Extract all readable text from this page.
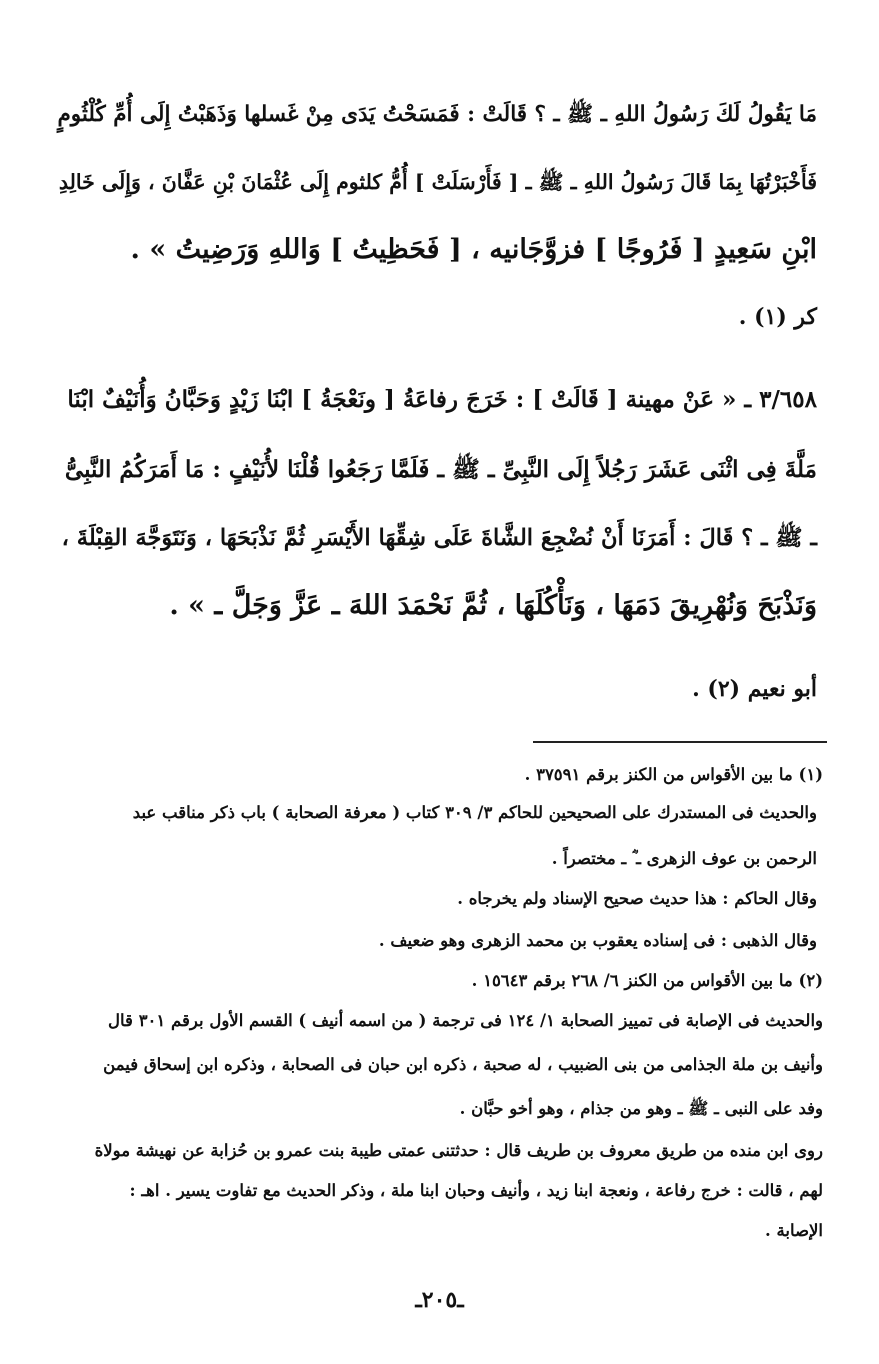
مَا يَقُولُ لَكَ رَسُولُ اللهِ ـ ﷺ ـ ؟ قَالَتْ : فَمَسَحْتُ يَدَى مِنْ غَسلها وَذَهَبْتُ إِلَى أُمِّ كُلْثُومٍ
فَأَخْبَرْتُهَا بِمَا قَالَ رَسُولُ اللهِ ـ ﷺ ـ [ فَأَرْسَلَتْ ] أُمُّ كلثوم إِلَى عُثْمَانَ بْنِ عَفَّانَ ، وَإِلَى خَالِدِ
ابْنِ سَعِيدٍ [ فَرُوجًا ] فزوَّجَانيه ، [ فَحَظِيتُ ] وَاللهِ وَرَضِيتُ » .
كر (١) .
٣/٦٥٨ ـ « عَنْ مهينة [ قَالَتْ ] : خَرَجَ رفاعَةُ [ ونَعْجَةُ ] ابْنَا زَيْدٍ وَحَبَّانُ وَأُنَيْفٌ ابْنَا
مَلَّةَ فِى اثْنَى عَشَرَ رَجُلاً إِلَى النَّبِىِّ ـ ﷺ ـ فَلَمَّا رَجَعُوا قُلْنَا لأُنَيْفٍ : مَا أَمَرَكُمُ النَّبِىُّ
ـ ﷺ ـ ؟ قَالَ : أَمَرَنَا أَنْ نُضْجِعَ الشَّاةَ عَلَى شِقِّهَا الأَيْسَرِ ثُمَّ نَذْبَحَهَا ، وَنَتَوَجَّهَ القِبْلَةَ ،
وَنَذْبَحَ وَنُهْرِيقَ دَمَهَا ، وَنَأْكُلَهَا ، ثُمَّ نَحْمَدَ اللهَ ـ عَزَّ وَجَلَّ ـ » .
أبو نعيم (٢) .
(١) ما بين الأقواس من الكنز برقم ٣٧٥٩١ .
والحديث فى المستدرك على الصحيحين للحاكم ٣/ ٣٠٩ كتاب ( معرفة الصحابة ) باب ذكر مناقب عبد
الرحمن بن عوف الزهرى ـ ؓ ـ مختصراً .
وقال الحاكم : هذا حديث صحيح الإسناد ولم يخرجاه .
وقال الذهبى : فى إسناده يعقوب بن محمد الزهرى وهو ضعيف .
(٢) ما بين الأقواس من الكنز ٦/ ٢٦٨ برقم ١٥٦٤٣ .
والحديث فى الإصابة فى تمييز الصحابة ١/ ١٢٤ فى ترجمة ( من اسمه أنيف ) القسم الأول برقم ٣٠١ قال
وأنيف بن ملة الجذامى من بنى الضبيب ، له صحبة ، ذكره ابن حبان فى الصحابة ، وذكره ابن إسحاق فيمن
وفد على النبى ـ ﷺ ـ وهو من جذام ، وهو أخو حبَّان .
روى ابن منده من طريق معروف بن طريف قال : حدثتنى عمتى طيبة بنت عمرو بن حُزابة عن نهيشة مولاة
لهم ، قالت : خرج رفاعة ، ونعجة ابنا زيد ، وأنيف وحبان ابنا ملة ، وذكر الحديث مع تفاوت يسير . اهـ :
الإصابة .
ـ٢٠٥ـ
